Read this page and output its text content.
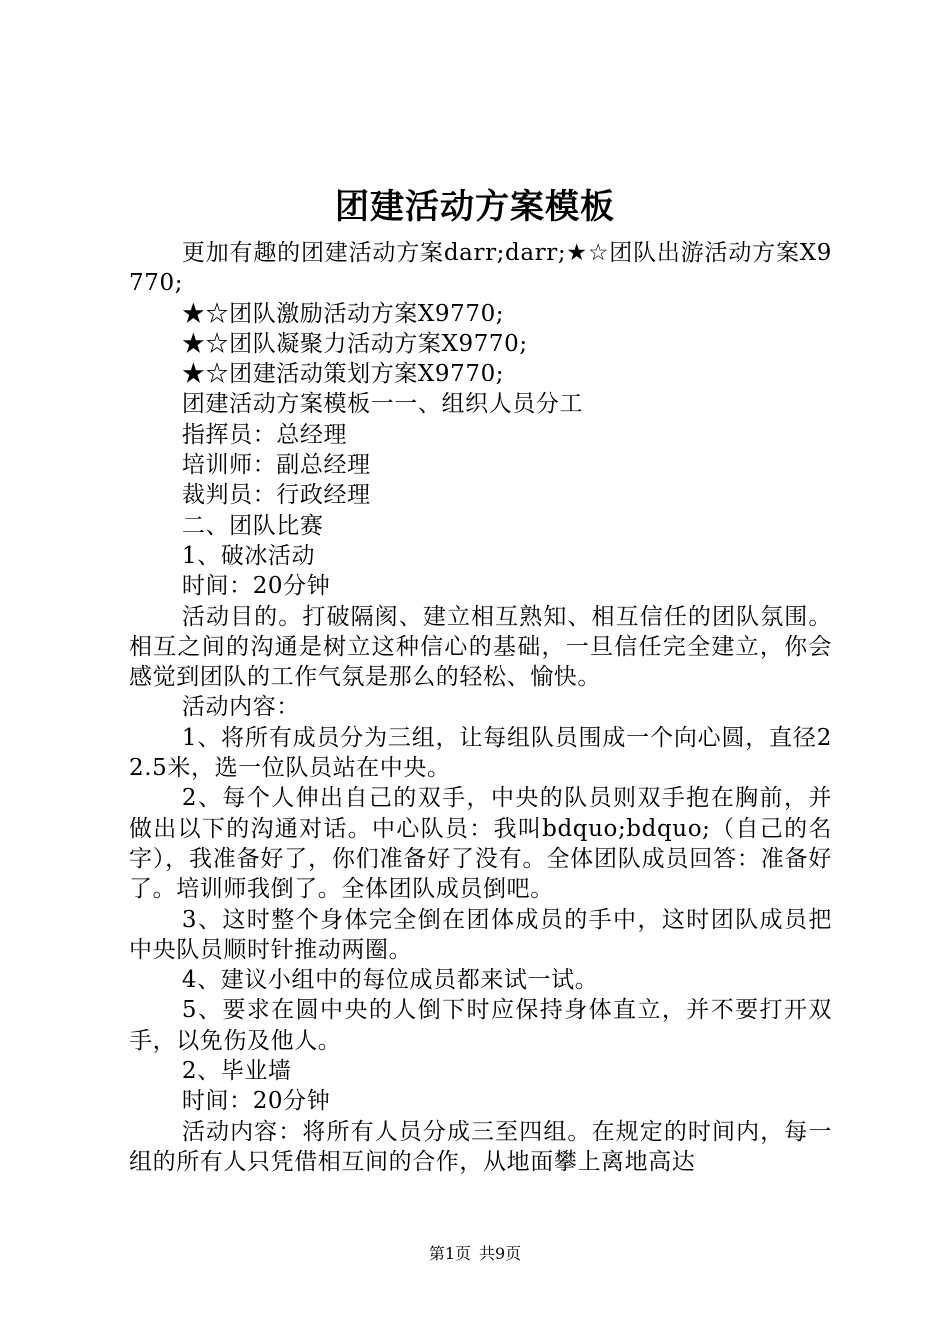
团建活动方案模板

更加有趣的团建活动方案darr;darr;★☆团队出游活动方案X9770;

★☆团队激励活动方案X9770;

★☆团队凝聚力活动方案X9770;

★☆团建活动策划方案X9770;

团建活动方案模板一一、组织人员分工

指挥员：总经理

培训师：副总经理

裁判员：行政经理

二、团队比赛

1、破冰活动

时间：20分钟

活动目的。打破隔阂、建立相互熟知、相互信任的团队氛围。相互之间的沟通是树立这种信心的基础，一旦信任完全建立，你会感觉到团队的工作气氛是那么的轻松、愉快。

活动内容：

1、将所有成员分为三组，让每组队员围成一个向心圆，直径22.5米，选一位队员站在中央。

2、每个人伸出自己的双手，中央的队员则双手抱在胸前，并做出以下的沟通对话。中心队员：我叫bdquo;bdquo;（自己的名字），我准备好了，你们准备好了没有。全体团队成员回答：准备好了。培训师我倒了。全体团队成员倒吧。

3、这时整个身体完全倒在团体成员的手中，这时团队成员把中央队员顺时针推动两圈。

4、建议小组中的每位成员都来试一试。

5、要求在圆中央的人倒下时应保持身体直立，并不要打开双手，以免伤及他人。

2、毕业墙

时间：20分钟

活动内容：将所有人员分成三至四组。在规定的时间内，每一组的所有人只凭借相互间的合作，从地面攀上离地高达

第1页 共9页
